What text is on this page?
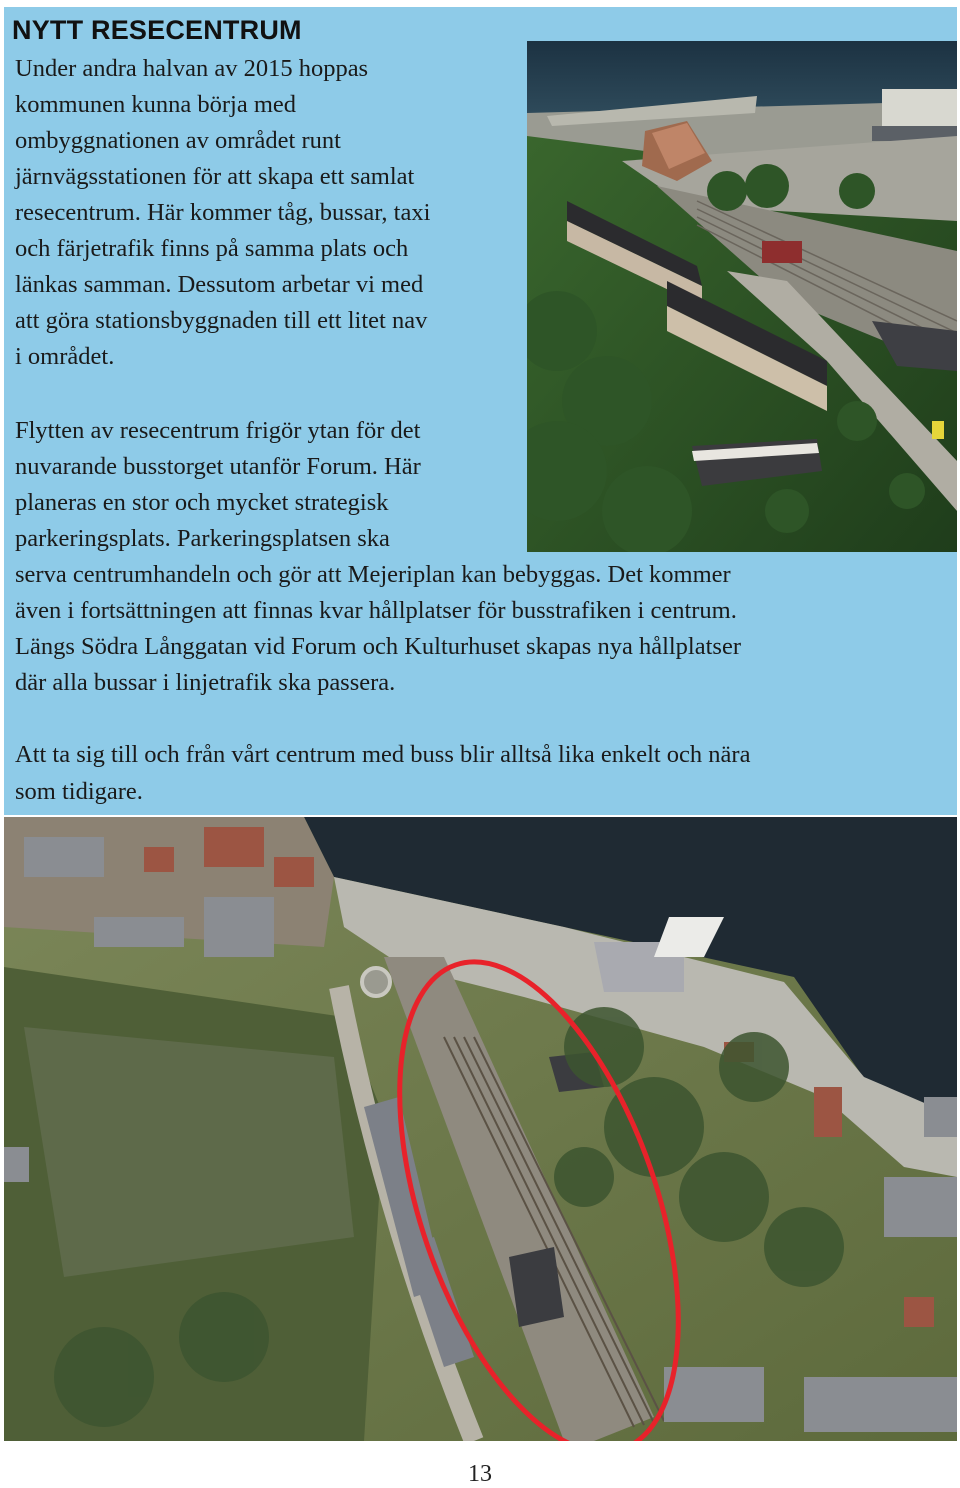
NYTT RESECENTRUM
Under andra halvan av 2015 hoppas
kommunen kunna börja med
ombyggnationen av området runt
järnvägsstationen för att skapa ett samlat
resecentrum. Här kommer tåg, bussar, taxi
och färjetrafik finns på samma plats och
länkas samman. Dessutom arbetar vi med
att göra stationsbyggnaden till ett litet nav
i området.
Flytten av resecentrum frigör ytan för det
nuvarande busstorget utanför Forum. Här
planeras en stor och mycket strategisk
parkeringsplats. Parkeringsplatsen ska
serva centrumhandeln och gör att Mejeriplan kan bebyggas. Det kommer
även i fortsättningen att finnas kvar hållplatser för busstrafiken i centrum.
Längs Södra Långgatan vid Forum och Kulturhuset skapas nya hållplatser
där alla bussar i linjetrafik ska passera.
Att ta sig till och från vårt centrum med buss blir alltså lika enkelt och nära
som tidigare.
13
